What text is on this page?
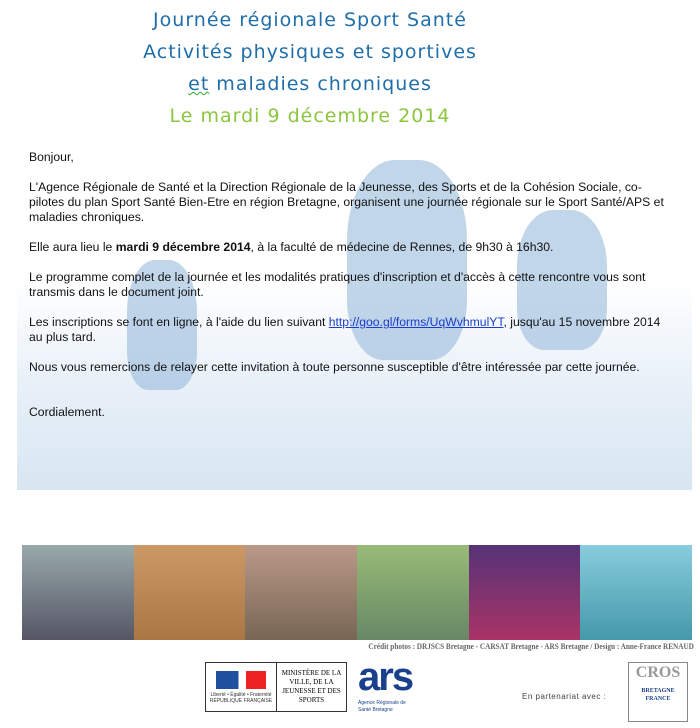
Journée régionale Sport Santé
Activités physiques et sportives
et maladies chroniques
Le mardi 9 décembre 2014

Bonjour,

L'Agence Régionale de Santé et la Direction Régionale de la Jeunesse, des Sports et de la Cohésion Sociale, co-pilotes du plan Sport Santé Bien-Etre en région Bretagne, organisent une journée régionale sur le Sport Santé/APS et maladies chroniques.

Elle aura lieu le mardi 9 décembre 2014, à la faculté de médecine de Rennes, de 9h30 à 16h30.

Le programme complet de la journée et les modalités pratiques d'inscription et d'accès à cette rencontre vous sont transmis dans le document joint.

Les inscriptions se font en ligne, à l'aide du lien suivant http://goo.gl/forms/UqWvhmulYT, jusqu'au 15 novembre 2014 au plus tard.

Nous vous remercions de relayer cette invitation à toute personne susceptible d'être intéressée par cette journée.

Cordialement.

Crédit photos : DRJSCS Bretagne - CARSAT Bretagne - ARS Bretagne / Design : Anne-France RENAUD
Liberté • Égalité • Fraternité RÉPUBLIQUE FRANÇAISE
MINISTÈRE DE LA VILLE, DE LA JEUNESSE ET DES SPORTS
ars
Agence Régionale de Santé Bretagne
En partenariat avec :
CROS
BRETAGNE FRANCE
